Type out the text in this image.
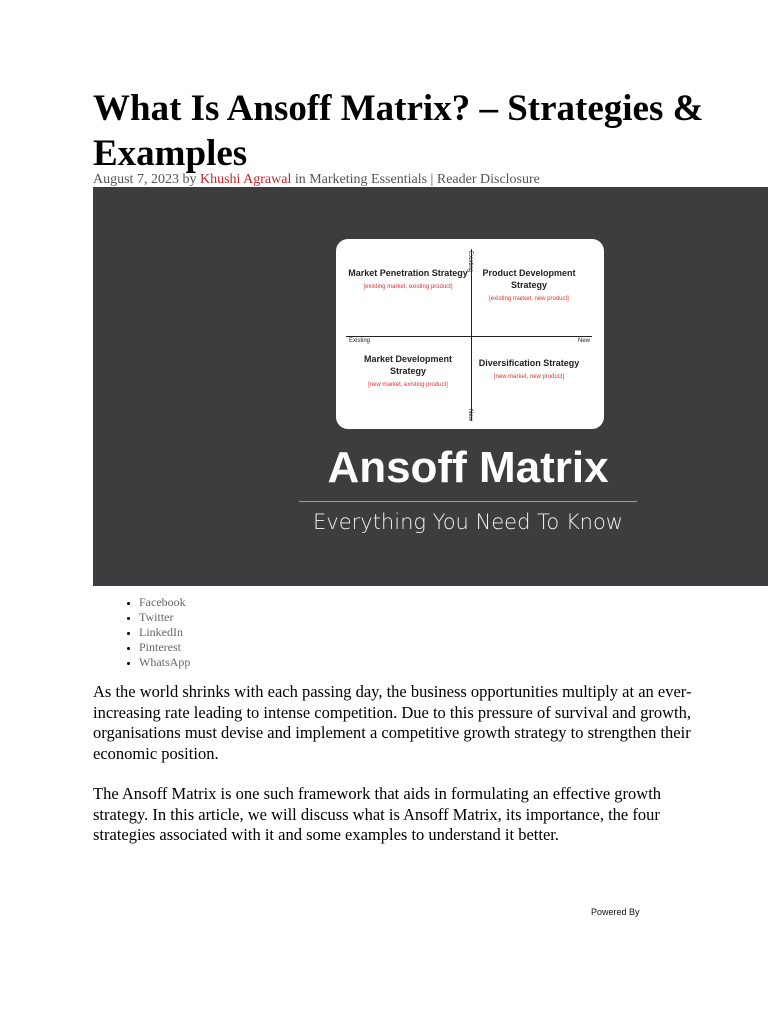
What Is Ansoff Matrix? – Strategies & Examples
August 7, 2023 by Khushi Agrawal in Marketing Essentials | Reader Disclosure
Existing	New
Existing
New
Market Penetration Strategy
[existing market, existing product]
Product Development Strategy
[existing market, new product]
Market Development Strategy
[new market, existing product]
Diversification Strategy
[new market, new product]
Ansoff Matrix
Everything You Need To Know
• Facebook
• Twitter
• LinkedIn
• Pinterest
• WhatsApp

As the world shrinks with each passing day, the business opportunities multiply at an ever-increasing rate leading to intense competition. Due to this pressure of survival and growth, organisations must devise and implement a competitive growth strategy to strengthen their economic position.

The Ansoff Matrix is one such framework that aids in formulating an effective growth strategy. In this article, we will discuss what is Ansoff Matrix, its importance, the four strategies associated with it and some examples to understand it better.

Powered By
